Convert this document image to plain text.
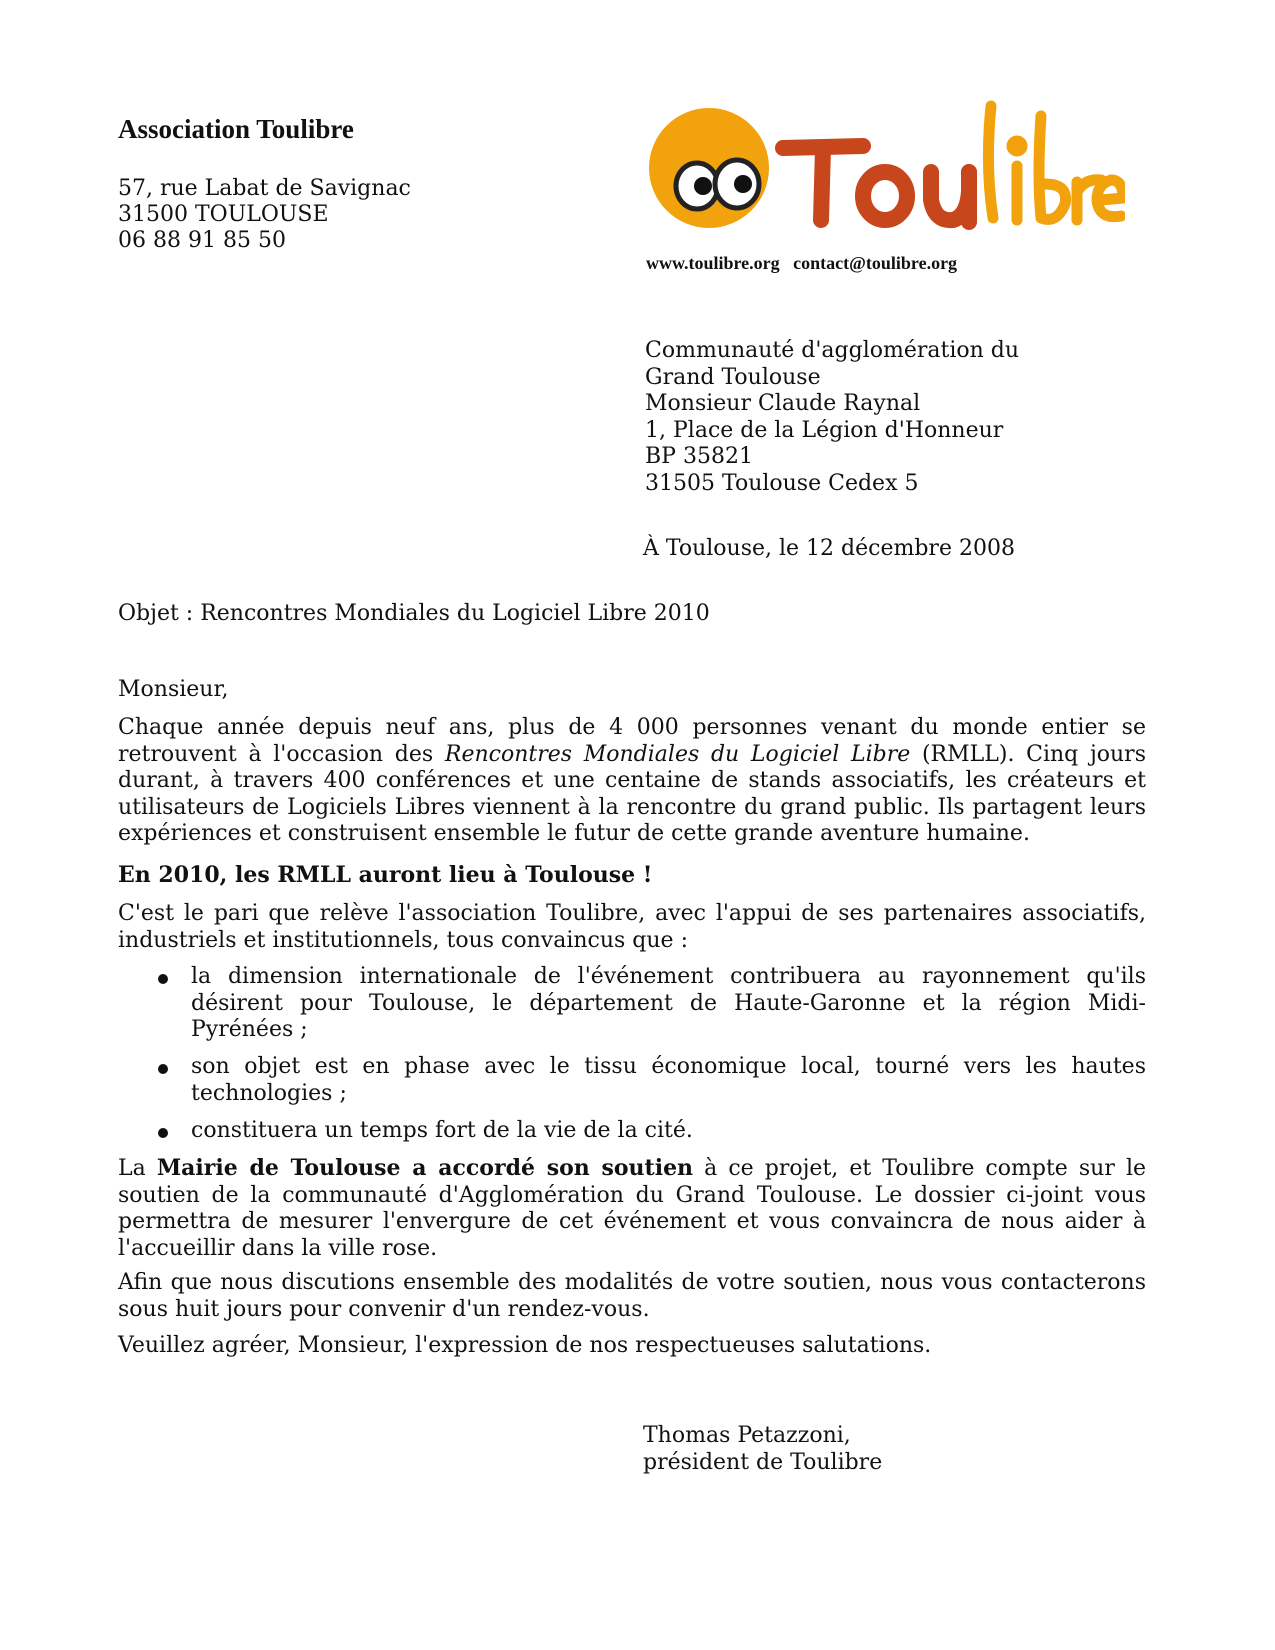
Association Toulibre
57, rue Labat de Savignac
31500 TOULOUSE
06 88 91 85 50
www.toulibre.org contact@toulibre.org
Communauté d'agglomération du
Grand Toulouse
Monsieur Claude Raynal
1, Place de la Légion d'Honneur
BP 35821
31505 Toulouse Cedex 5
À Toulouse, le 12 décembre 2008
Objet : Rencontres Mondiales du Logiciel Libre 2010
Monsieur,
Chaque année depuis neuf ans, plus de 4 000 personnes venant du monde entier se retrouvent à l'occasion des Rencontres Mondiales du Logiciel Libre (RMLL). Cinq jours durant, à travers 400 conférences et une centaine de stands associatifs, les créateurs et utilisateurs de Logiciels Libres viennent à la rencontre du grand public. Ils partagent leurs expériences et construisent ensemble le futur de cette grande aventure humaine.
En 2010, les RMLL auront lieu à Toulouse !
C'est le pari que relève l'association Toulibre, avec l'appui de ses partenaires associatifs, industriels et institutionnels, tous convaincus que :
la dimension internationale de l'événement contribuera au rayonnement qu'ils désirent pour Toulouse, le département de Haute-Garonne et la région Midi-Pyrénées ;
son objet est en phase avec le tissu économique local, tourné vers les hautes technologies ;
constituera un temps fort de la vie de la cité.
La Mairie de Toulouse a accordé son soutien à ce projet, et Toulibre compte sur le soutien de la communauté d'Agglomération du Grand Toulouse. Le dossier ci-joint vous permettra de mesurer l'envergure de cet événement et vous convaincra de nous aider à l'accueillir dans la ville rose.
Afin que nous discutions ensemble des modalités de votre soutien, nous vous contacterons sous huit jours pour convenir d'un rendez-vous.
Veuillez agréer, Monsieur, l'expression de nos respectueuses salutations.
Thomas Petazzoni,
président de Toulibre
